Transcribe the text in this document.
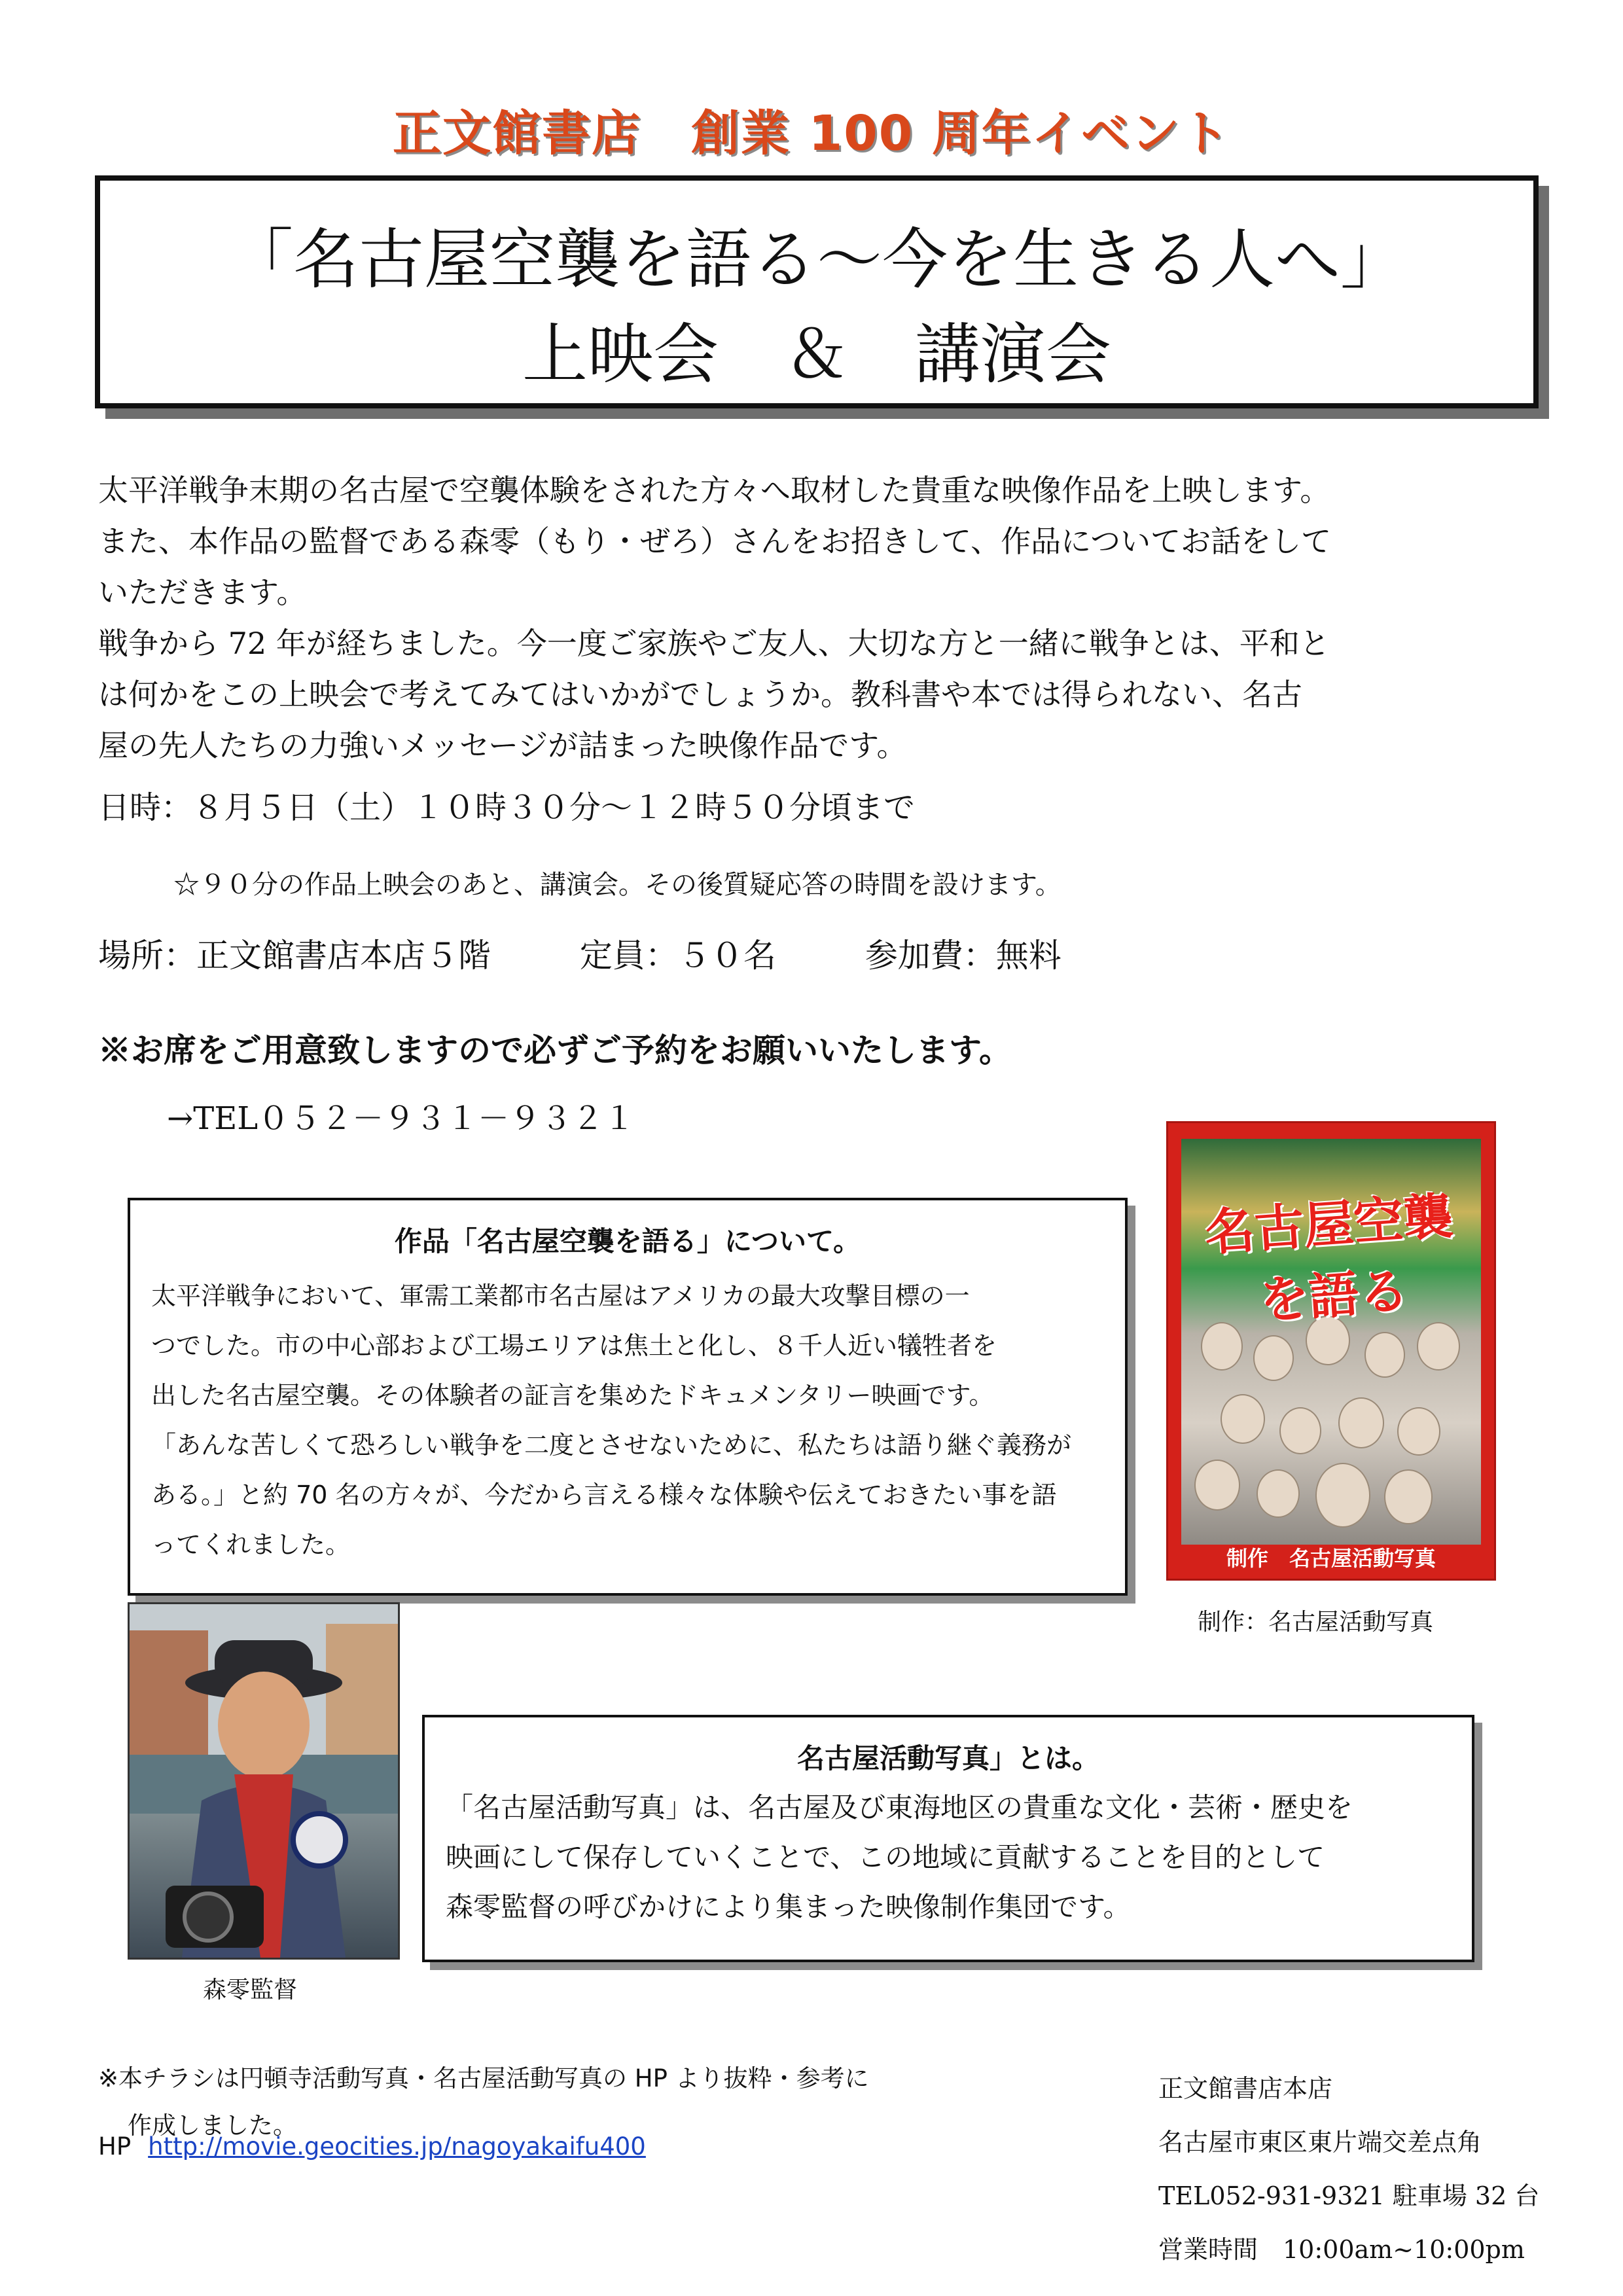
正文館書店　創業 100 周年イベント
「名古屋空襲を語る～今を生きる人へ」
上映会　＆　講演会

太平洋戦争末期の名古屋で空襲体験をされた方々へ取材した貴重な映像作品を上映します。

また、本作品の監督である森零（もり・ぜろ）さんをお招きして、作品についてお話をして

いただきます。

戦争から 72 年が経ちました。今一度ご家族やご友人、大切な方と一緒に戦争とは、平和と

は何かをこの上映会で考えてみてはいかがでしょうか。教科書や本では得られない、名古

屋の先人たちの力強いメッセージが詰まった映像作品です。

日時：８月５日（土）１０時３０分～１２時５０分頃まで
☆９０分の作品上映会のあと、講演会。その後質疑応答の時間を設けます。
場所：正文館書店本店５階	定員：５０名	参加費：無料
※お席をご用意致しますので必ずご予約をお願いいたします。
→TEL０５２－９３１－９３２１
作品「名古屋空襲を語る」について。
太平洋戦争において、軍需工業都市名古屋はアメリカの最大攻撃目標の一
つでした。市の中心部および工場エリアは焦土と化し、８千人近い犠牲者を
出した名古屋空襲。その体験者の証言を集めたドキュメンタリー映画です。
「あんな苦しくて恐ろしい戦争を二度とさせないために、私たちは語り継ぐ義務が
ある。」と約 70 名の方々が、今だから言える様々な体験や伝えておきたい事を語
ってくれました。
名古屋空襲を語る
制作　名古屋活動写真
制作：名古屋活動写真
森零監督
名古屋活動写真」とは。
「名古屋活動写真」は、名古屋及び東海地区の貴重な文化・芸術・歴史を
映画にして保存していくことで、この地域に貢献することを目的として
森零監督の呼びかけにより集まった映像制作集団です。
※本チラシは円頓寺活動写真・名古屋活動写真の HP より抜粋・参考に
作成しました。
HP http://movie.geocities.jp/nagoyakaifu400
正文館書店本店
名古屋市東区東片端交差点角
TEL052-931-9321 駐車場 32 台
営業時間　10:00am~10:00pm
